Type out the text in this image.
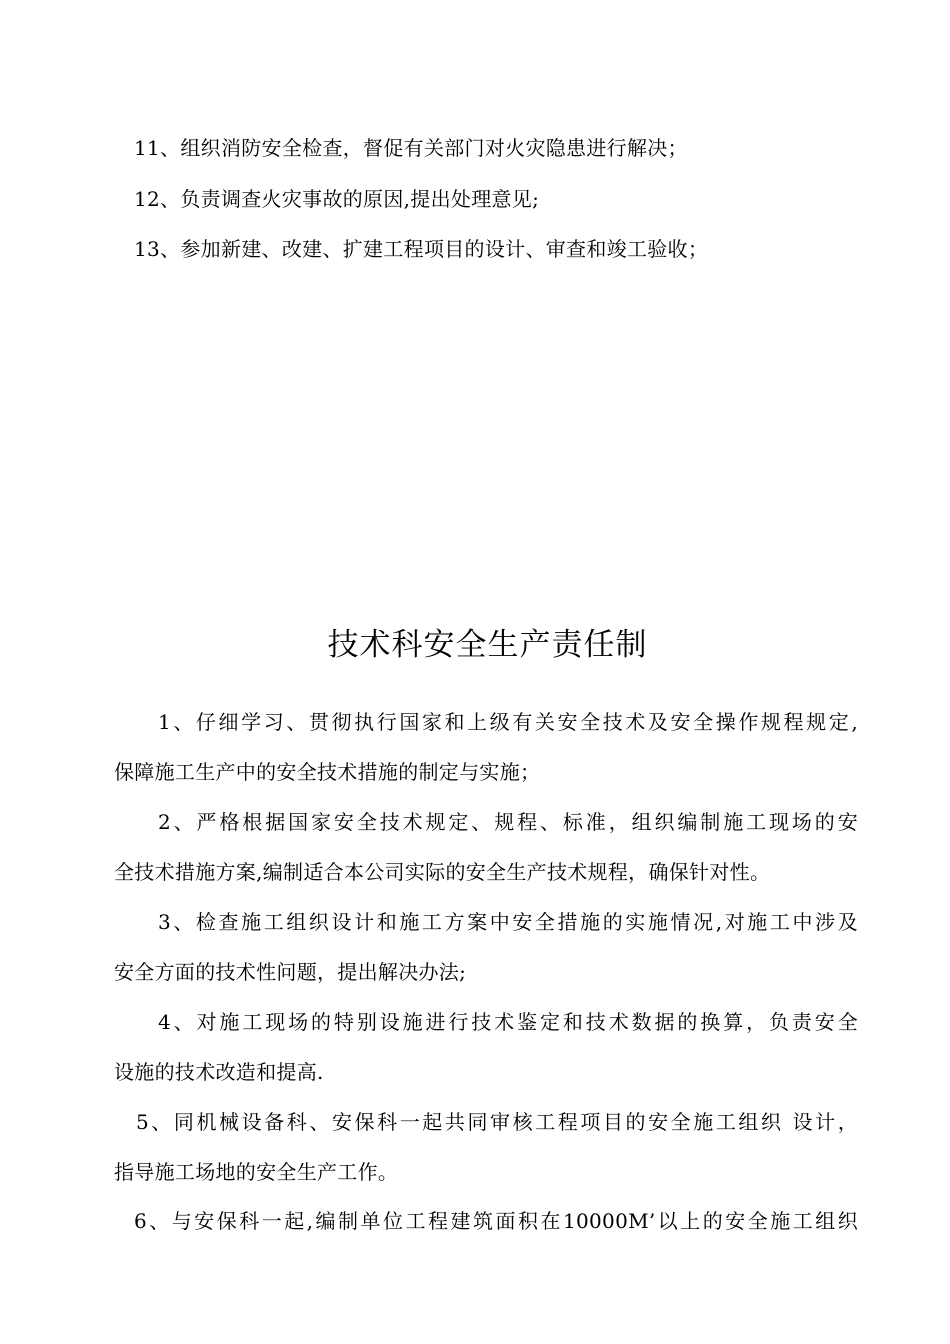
11、组织消防安全检查，督促有关部门对火灾隐患进行解决；
12、负责调查火灾事故的原因,提出处理意见;
13、参加新建、改建、扩建工程项目的设计、审查和竣工验收；
技术科安全生产责任制
1、仔细学习、贯彻执行国家和上级有关安全技术及安全操作规程规定,
保障施工生产中的安全技术措施的制定与实施；
2、严格根据国家安全技术规定、规程、标准，组织编制施工现场的安
全技术措施方案,编制适合本公司实际的安全生产技术规程，确保针对性。
3、检查施工组织设计和施工方案中安全措施的实施情况,对施工中涉及
安全方面的技术性问题，提出解决办法;
4、对施工现场的特别设施进行技术鉴定和技术数据的换算，负责安全
设施的技术改造和提高.
5、同机械设备科、安保科一起共同审核工程项目的安全施工组织 设计，
指导施工场地的安全生产工作。
6、与安保科一起,编制单位工程建筑面积在10000M’以上的安全施工组织
